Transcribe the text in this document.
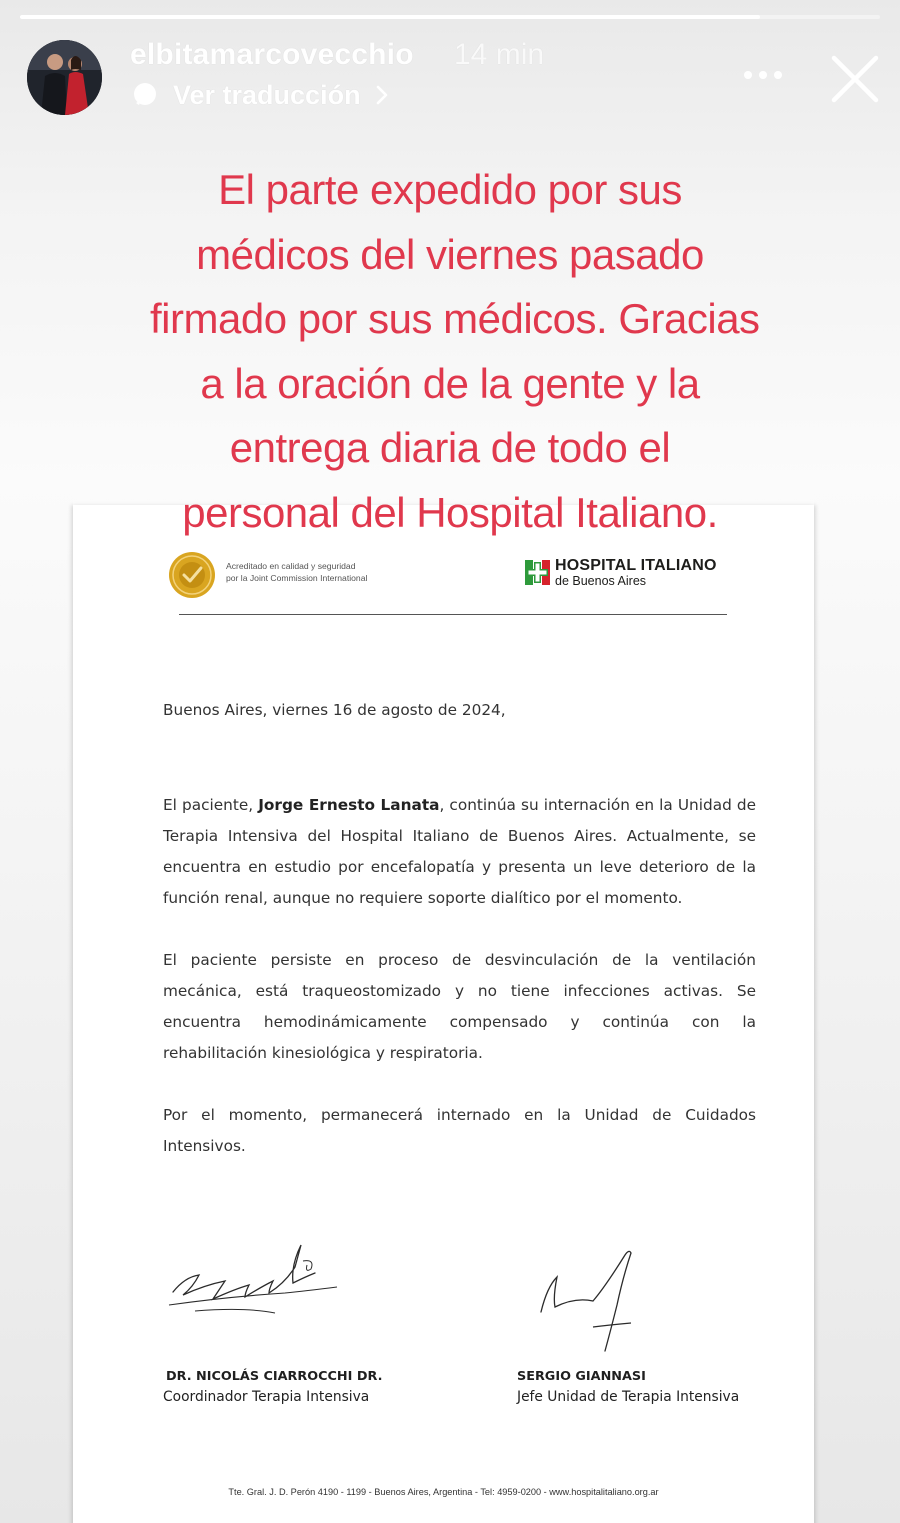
elbitamarcovecchio 14 min
Ver traducción
Acreditado en calidad y seguridad
por la Joint Commission International
HOSPITAL ITALIANO
de Buenos Aires
Buenos Aires, viernes 16 de agosto de 2024,
El paciente, Jorge Ernesto Lanata, continúa su internación en la Unidad de
Terapia Intensiva del Hospital Italiano de Buenos Aires. Actualmente, se
encuentra en estudio por encefalopatía y presenta un leve deterioro de la
función renal, aunque no requiere soporte dialítico por el momento.
El paciente persiste en proceso de desvinculación de la ventilación
mecánica, está traqueostomizado y no tiene infecciones activas. Se
encuentra hemodinámicamente compensado y continúa con la
rehabilitación kinesiológica y respiratoria.
Por el momento, permanecerá internado en la Unidad de Cuidados
Intensivos.
DR. NICOLÁS CIARROCCHI DR.
Coordinador Terapia Intensiva
SERGIO GIANNASI
Jefe Unidad de Terapia Intensiva
Tte. Gral. J. D. Perón 4190 - 1199 - Buenos Aires, Argentina - Tel: 4959-0200 - www.hospitalitaliano.org.ar
El parte expedido por sus
médicos del viernes pasado
firmado por sus médicos. Gracias
a la oración de la gente y la
entrega diaria de todo el
personal del Hospital Italiano.
